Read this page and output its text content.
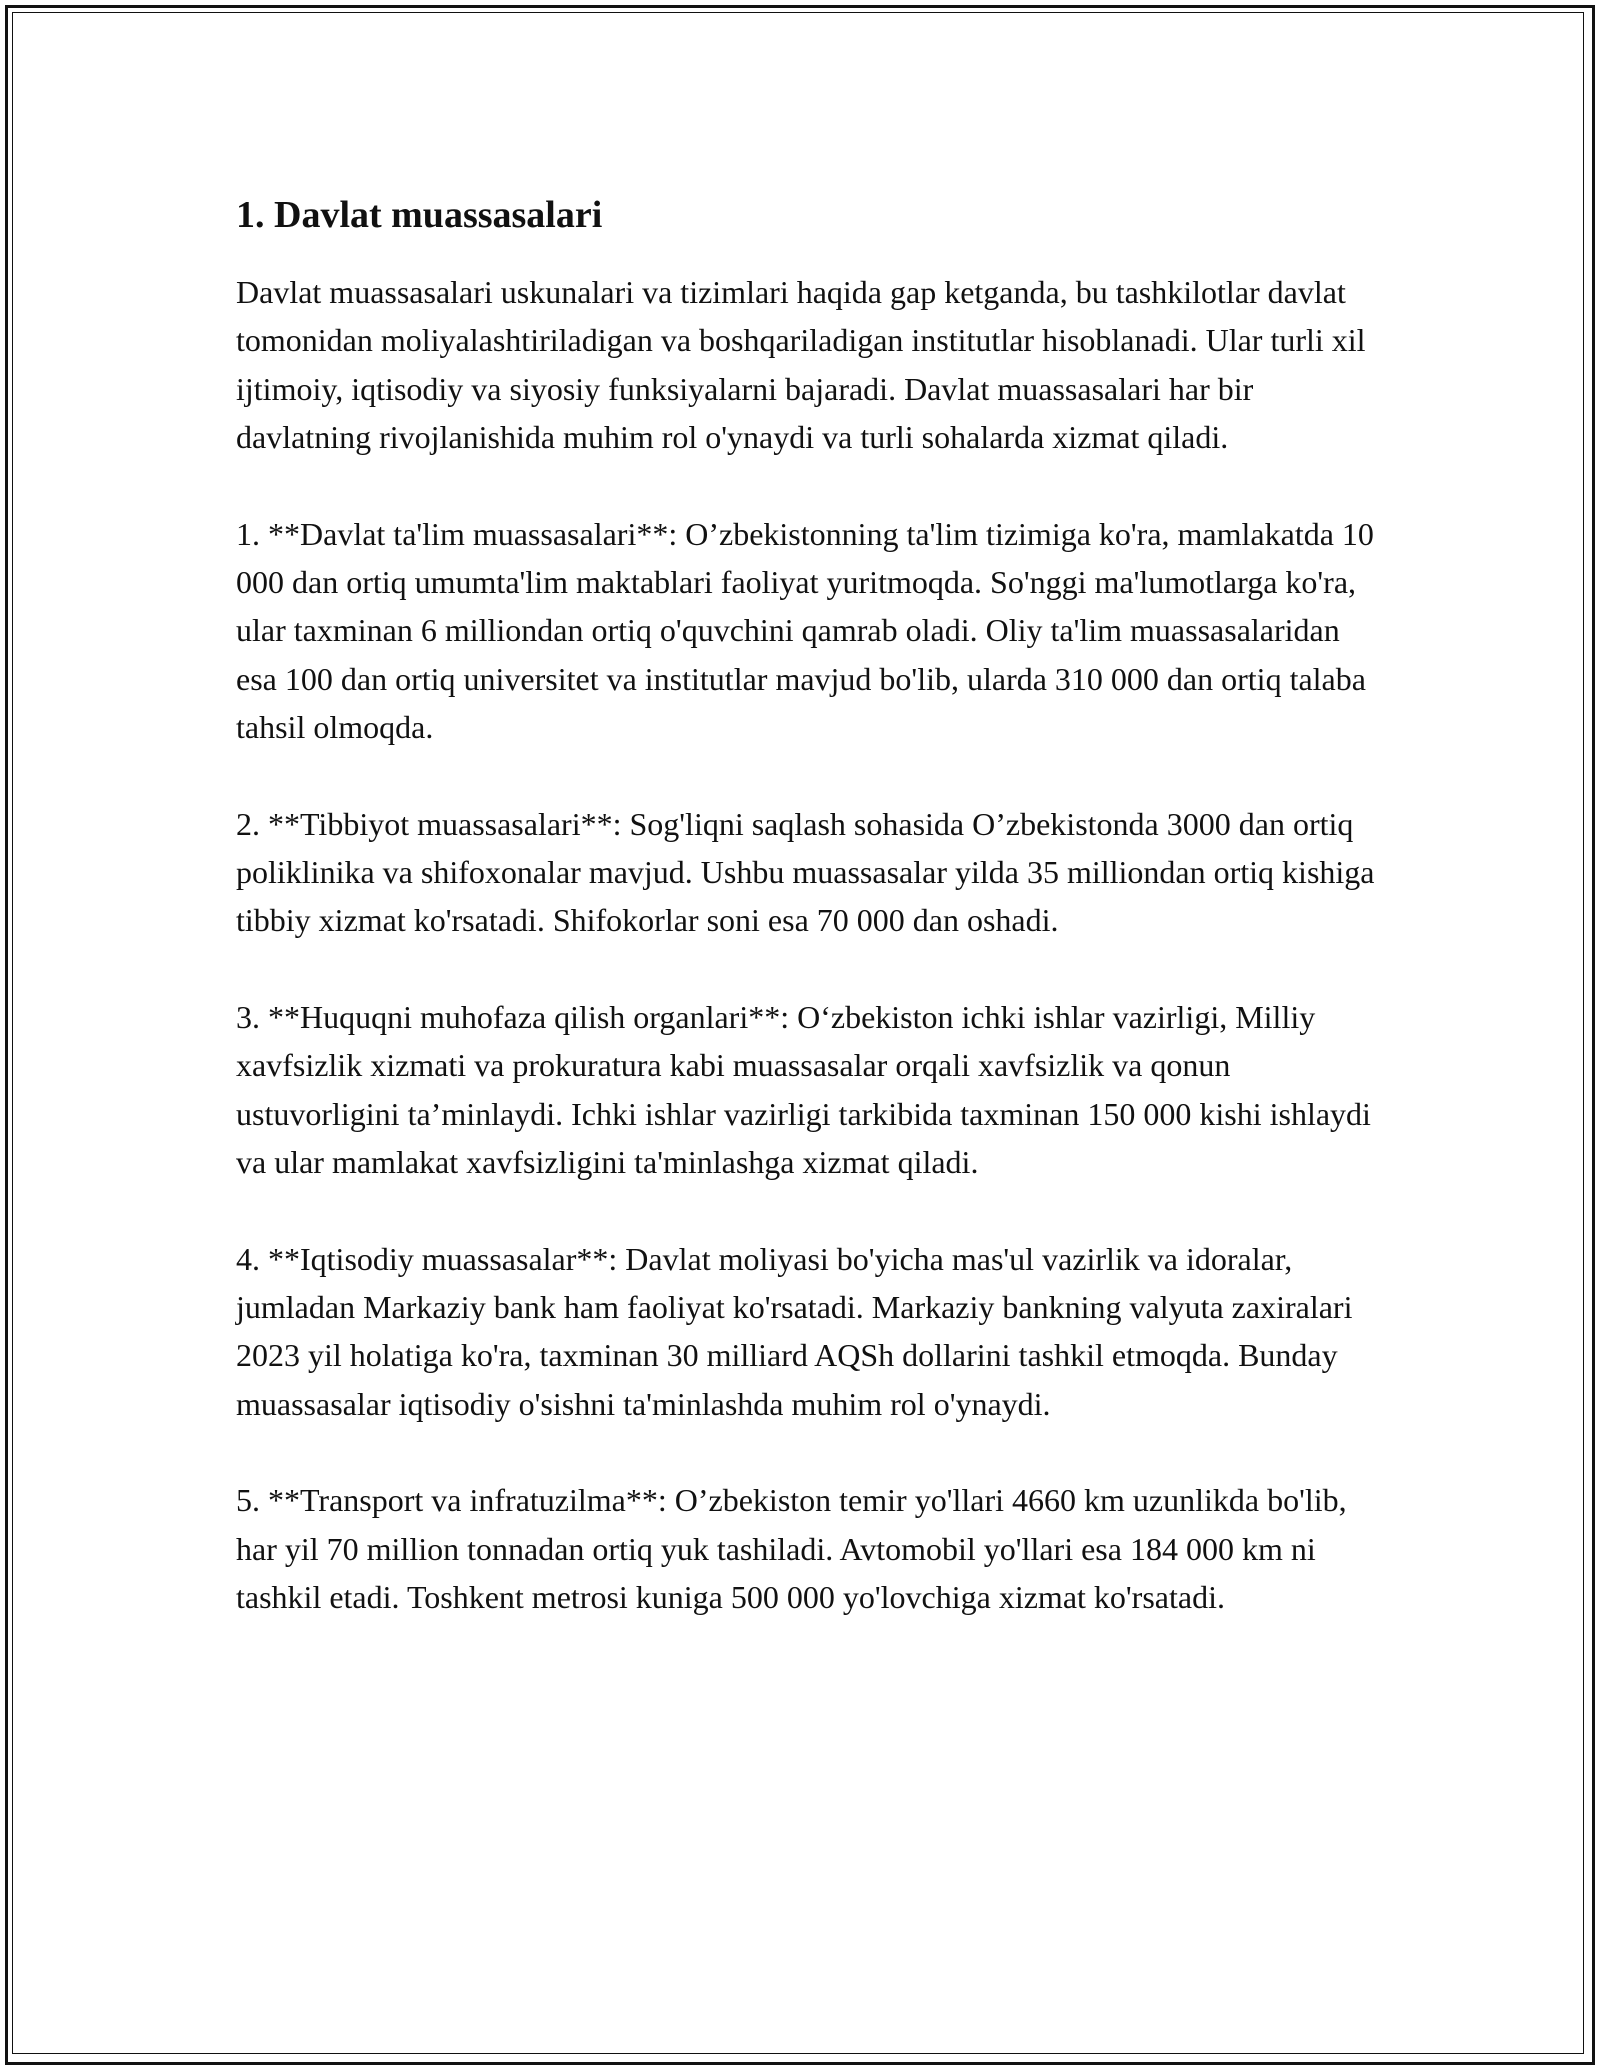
1. Davlat muassasalari

Davlat muassasalari uskunalari va tizimlari haqida gap ketganda, bu tashkilotlar davlat tomonidan moliyalashtiriladigan va boshqariladigan institutlar hisoblanadi. Ular turli xil ijtimoiy, iqtisodiy va siyosiy funksiyalarni bajaradi. Davlat muassasalari har bir davlatning rivojlanishida muhim rol o'ynaydi va turli sohalarda xizmat qiladi.

1. **Davlat ta'lim muassasalari**: O’zbekistonning ta'lim tizimiga ko'ra, mamlakatda 10 000 dan ortiq umumta'lim maktablari faoliyat yuritmoqda. So'nggi ma'lumotlarga ko'ra, ular taxminan 6 milliondan ortiq o'quvchini qamrab oladi. Oliy ta'lim muassasalaridan esa 100 dan ortiq universitet va institutlar mavjud bo'lib, ularda 310 000 dan ortiq talaba tahsil olmoqda.

2. **Tibbiyot muassasalari**: Sog'liqni saqlash sohasida O’zbekistonda 3000 dan ortiq poliklinika va shifoxonalar mavjud. Ushbu muassasalar yilda 35 milliondan ortiq kishiga tibbiy xizmat ko'rsatadi. Shifokorlar soni esa 70 000 dan oshadi.

3. **Huquqni muhofaza qilish organlari**: O‘zbekiston ichki ishlar vazirligi, Milliy xavfsizlik xizmati va prokuratura kabi muassasalar orqali xavfsizlik va qonun ustuvorligini ta’minlaydi. Ichki ishlar vazirligi tarkibida taxminan 150 000 kishi ishlaydi va ular mamlakat xavfsizligini ta'minlashga xizmat qiladi.

4. **Iqtisodiy muassasalar**: Davlat moliyasi bo'yicha mas'ul vazirlik va idoralar, jumladan Markaziy bank ham faoliyat ko'rsatadi. Markaziy bankning valyuta zaxiralari 2023 yil holatiga ko'ra, taxminan 30 milliard AQSh dollarini tashkil etmoqda. Bunday muassasalar iqtisodiy o'sishni ta'minlashda muhim rol o'ynaydi.

5. **Transport va infratuzilma**: O’zbekiston temir yo'llari 4660 km uzunlikda bo'lib, har yil 70 million tonnadan ortiq yuk tashiladi. Avtomobil yo'llari esa 184 000 km ni tashkil etadi. Toshkent metrosi kuniga 500 000 yo'lovchiga xizmat ko'rsatadi.
